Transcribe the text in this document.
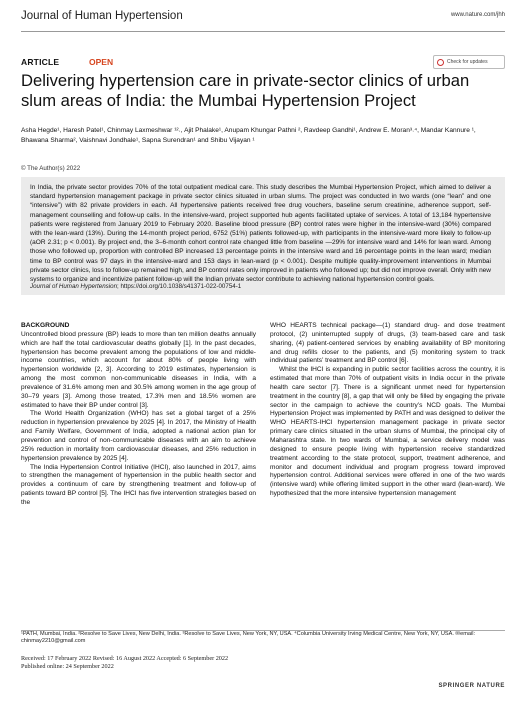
Journal of Human Hypertension	www.nature.com/jhh
ARTICLE	OPEN	Check for updates
Delivering hypertension care in private-sector clinics of urban slum areas of India: the Mumbai Hypertension Project
Asha Hegde¹, Haresh Patel¹, Chinmay Laxmeshwar ¹²˒, Ajit Phalake¹, Anupam Khungar Pathni ², Ravdeep Gandhi¹, Andrew E. Moran³˒⁴, Mandar Kannure ¹, Bhawana Sharma², Vaishnavi Jondhale¹, Sapna Surendran¹ and Shibu Vijayan ¹
© The Author(s) 2022

In India, the private sector provides 70% of the total outpatient medical care. This study describes the Mumbai Hypertension Project, which aimed to deliver a standard hypertension management package in private sector clinics situated in urban slums. The project was conducted in two wards (one “lean” and one “intensive”) with 82 private providers in each. All hypertensive patients received free drug vouchers, baseline serum creatinine, adherence support, self-management counselling and follow-up calls. In the intensive-ward, project supported hub agents facilitated uptake of services. A total of 13,184 hypertensive patients were registered from January 2019 to February 2020. Baseline blood pressure (BP) control rates were higher in the intensive-ward (30%) compared with the lean-ward (13%). During the 14-month project period, 6752 (51%) patients followed-up, with participants in the intensive-ward more likely to follow-up (aOR 2.31; p < 0.001). By project end, the 3–6-month cohort control rate changed little from baseline —29% for intensive ward and 14% for lean ward. Among those who followed up, proportion with controlled BP increased 13 percentage points in the intensive ward and 16 percentage points in the lean ward; median time to BP control was 97 days in the intensive-ward and 153 days in lean-ward (p < 0.001). Despite multiple quality-improvement interventions in Mumbai private sector clinics, loss to follow-up remained high, and BP control rates only improved in patients who followed up; but did not improve overall. Only with new systems to organize and incentivize patient follow-up will the Indian private sector contribute to achieving national hypertension control goals.

Journal of Human Hypertension; https://doi.org/10.1038/s41371-022-00754-1
BACKGROUND

Uncontrolled blood pressure (BP) leads to more than ten million deaths annually which are half the total cardiovascular deaths globally [1]. In the past decades, hypertension has become prevalent among the populations of low and middle-income countries, which account for about 80% of people living with hypertension worldwide [2, 3]. According to 2019 estimates, hypertension is among the most common non-communicable diseases in India, with a prevalence of 31.6% among men and 30.5% among women in the age group of 30–79 years [3]. Among those treated, 17.3% men and 18.5% women are estimated to have their BP under control [3].

The World Health Organization (WHO) has set a global target of a 25% reduction in hypertension prevalence by 2025 [4]. In 2017, the Ministry of Health and Family Welfare, Government of India, adopted a national action plan for prevention and control of non-communicable diseases with an aim to achieve 25% reduction in mortality from cardiovascular diseases, and 25% reduction in hypertension prevalence by 2025 [4].

The India Hypertension Control Initiative (IHCI), also launched in 2017, aims to strengthen the management of hypertension in the public health sector and provides a continuum of care by strengthening treatment and follow-up of patients toward BP control [5]. The IHCI has five intervention strategies based on the

WHO HEARTS technical package—(1) standard drug- and dose treatment protocol, (2) uninterrupted supply of drugs, (3) team-based care and task sharing, (4) patient-centered services by enabling availability of BP monitoring and drug refills closer to the patients, and (5) monitoring system to track individual patients’ treatment and BP control [6].

Whilst the IHCI is expanding in public sector facilities across the country, it is estimated that more than 70% of outpatient visits in India occur in the private health care sector [7]. There is a significant unmet need for hypertension treatment in the country [8], a gap that will only be filled by engaging the private sector in the campaign to achieve the country’s NCD goals. The Mumbai Hypertension Project was implemented by PATH and was designed to deliver the WHO HEARTS-IHCI hypertension management package in private sector primary care clinics situated in the urban slums of Mumbai, the principal city of Maharashtra state. In two wards of Mumbai, a service delivery model was designed to ensure people living with hypertension receive standardized treatment according to the state protocol, support, treatment adherence, and monitor and document individual and program progress toward improved hypertension control. Additional services were offered in one of the two wards (intensive ward) while offering limited support in the other ward (lean-ward). We hypothesized that the more intensive hypertension management

¹PATH, Mumbai, India. ²Resolve to Save Lives, New Delhi, India. ³Resolve to Save Lives, New York, NY, USA. ⁴Columbia University Irving Medical Centre, New York, NY, USA. ✉email: chinmay2210@gmail.com
Received: 17 February 2022 Revised: 16 August 2022 Accepted: 6 September 2022
Published online: 24 September 2022
SPRINGER NATURE
